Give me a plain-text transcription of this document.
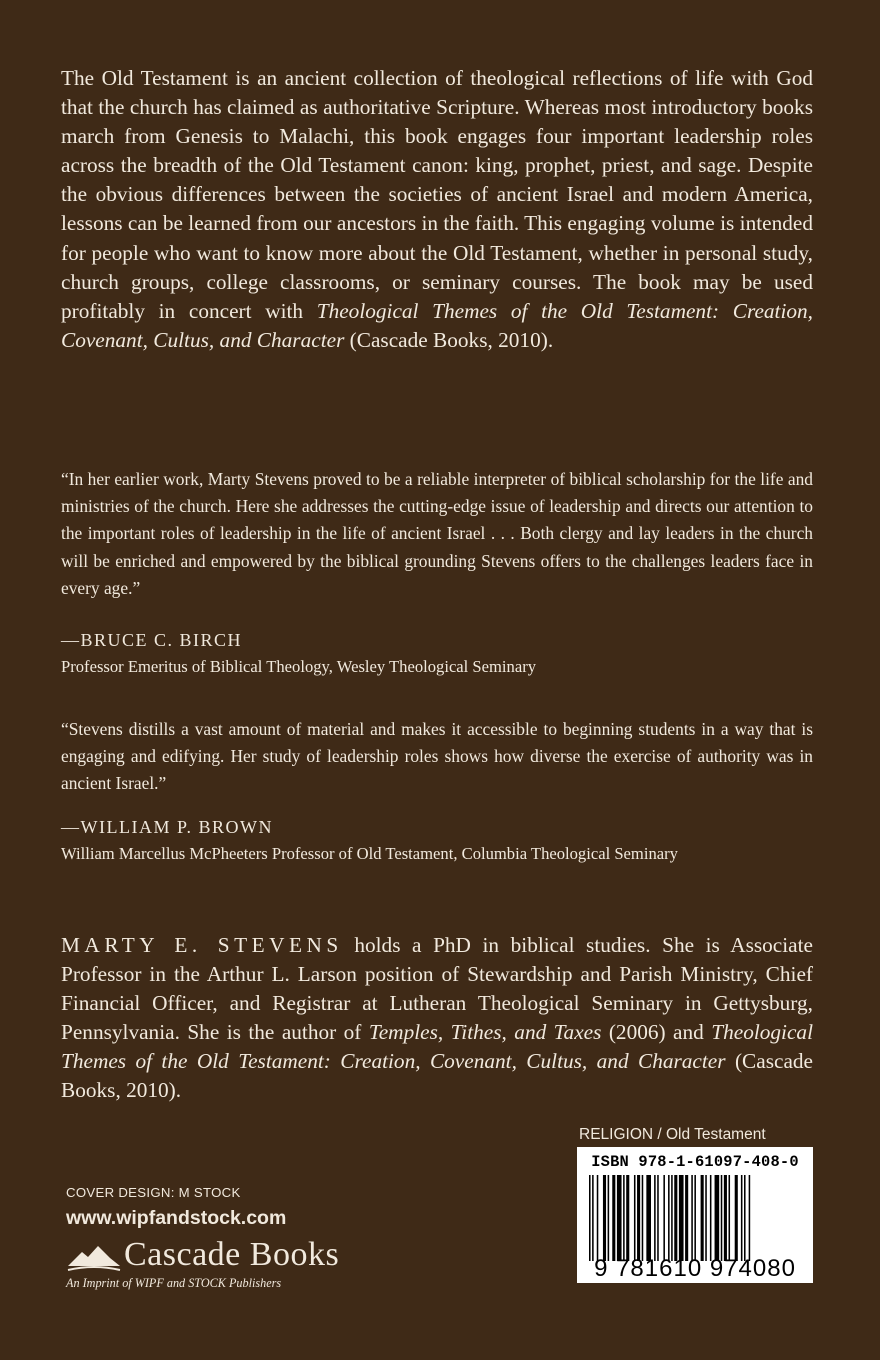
The Old Testament is an ancient collection of theological reflections of life with God that the church has claimed as authoritative Scripture. Whereas most introductory books march from Genesis to Malachi, this book engages four important leadership roles across the breadth of the Old Testament canon: king, prophet, priest, and sage. Despite the obvious differences between the societies of ancient Israel and modern America, lessons can be learned from our ancestors in the faith. This engaging volume is intended for people who want to know more about the Old Testament, whether in personal study, church groups, college classrooms, or seminary courses. The book may be used profitably in concert with Theological Themes of the Old Testament: Creation, Covenant, Cultus, and Character (Cascade Books, 2010).

“In her earlier work, Marty Stevens proved to be a reliable interpreter of biblical scholarship for the life and ministries of the church. Here she addresses the cutting-edge issue of leadership and directs our attention to the important roles of leadership in the life of ancient Israel . . . Both clergy and lay leaders in the church will be enriched and empowered by the biblical grounding Stevens offers to the challenges leaders face in every age.”

—BRUCE C. BIRCH

Professor Emeritus of Biblical Theology, Wesley Theological Seminary

“Stevens distills a vast amount of material and makes it accessible to beginning students in a way that is engaging and edifying. Her study of leadership roles shows how diverse the exercise of authority was in ancient Israel.”

—WILLIAM P. BROWN

William Marcellus McPheeters Professor of Old Testament, Columbia Theological Seminary

MARTY E. STEVENS holds a PhD in biblical studies. She is Associate Professor in the Arthur L. Larson position of Stewardship and Parish Ministry, Chief Financial Officer, and Registrar at Lutheran Theological Seminary in Gettysburg, Pennsylvania. She is the author of Temples, Tithes, and Taxes (2006) and Theological Themes of the Old Testament: Creation, Covenant, Cultus, and Character (Cascade Books, 2010).

RELIGION / Old Testament
ISBN 978-1-61097-408-0
9 781610 974080
COVER DESIGN: M STOCK
www.wipfandstock.com
Cascade Books
An Imprint of WIPF and STOCK Publishers
